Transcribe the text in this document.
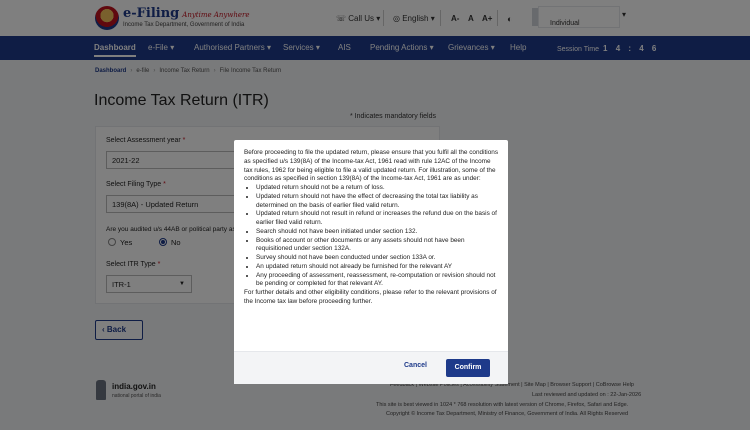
Before proceeding to file the updated return, please ensure that you fulfil all the conditions as specified u/s 139(8A) of the Income-tax Act, 1961 read with rule 12AC of the Income tax rules, 1962 for being eligible to file a valid updated return. For illustration, some of the conditions as specified in section 139(8A) of the Income-tax Act, 1961 are as under:

• Updated return should not be a return of loss.
• Updated return should not have the effect of decreasing the total tax liability as determined on the basis of earlier filed valid return.
• Updated return should not result in refund or increases the refund due on the basis of earlier filed valid return.
• Search should not have been initiated under section 132.
• Books of account or other documents or any assets should not have been requisitioned under section 132A.
• Survey should not have been conducted under section 133A or.
• An updated return should not already be furnished for the relevant AY
• Any proceeding of assessment, reassessment, re-computation or revision should not be pending or completed for that relevant AY.

For further details and other eligibility conditions, please refer to the relevant provisions of the Income tax law before proceeding further.

Cancel	Confirm
